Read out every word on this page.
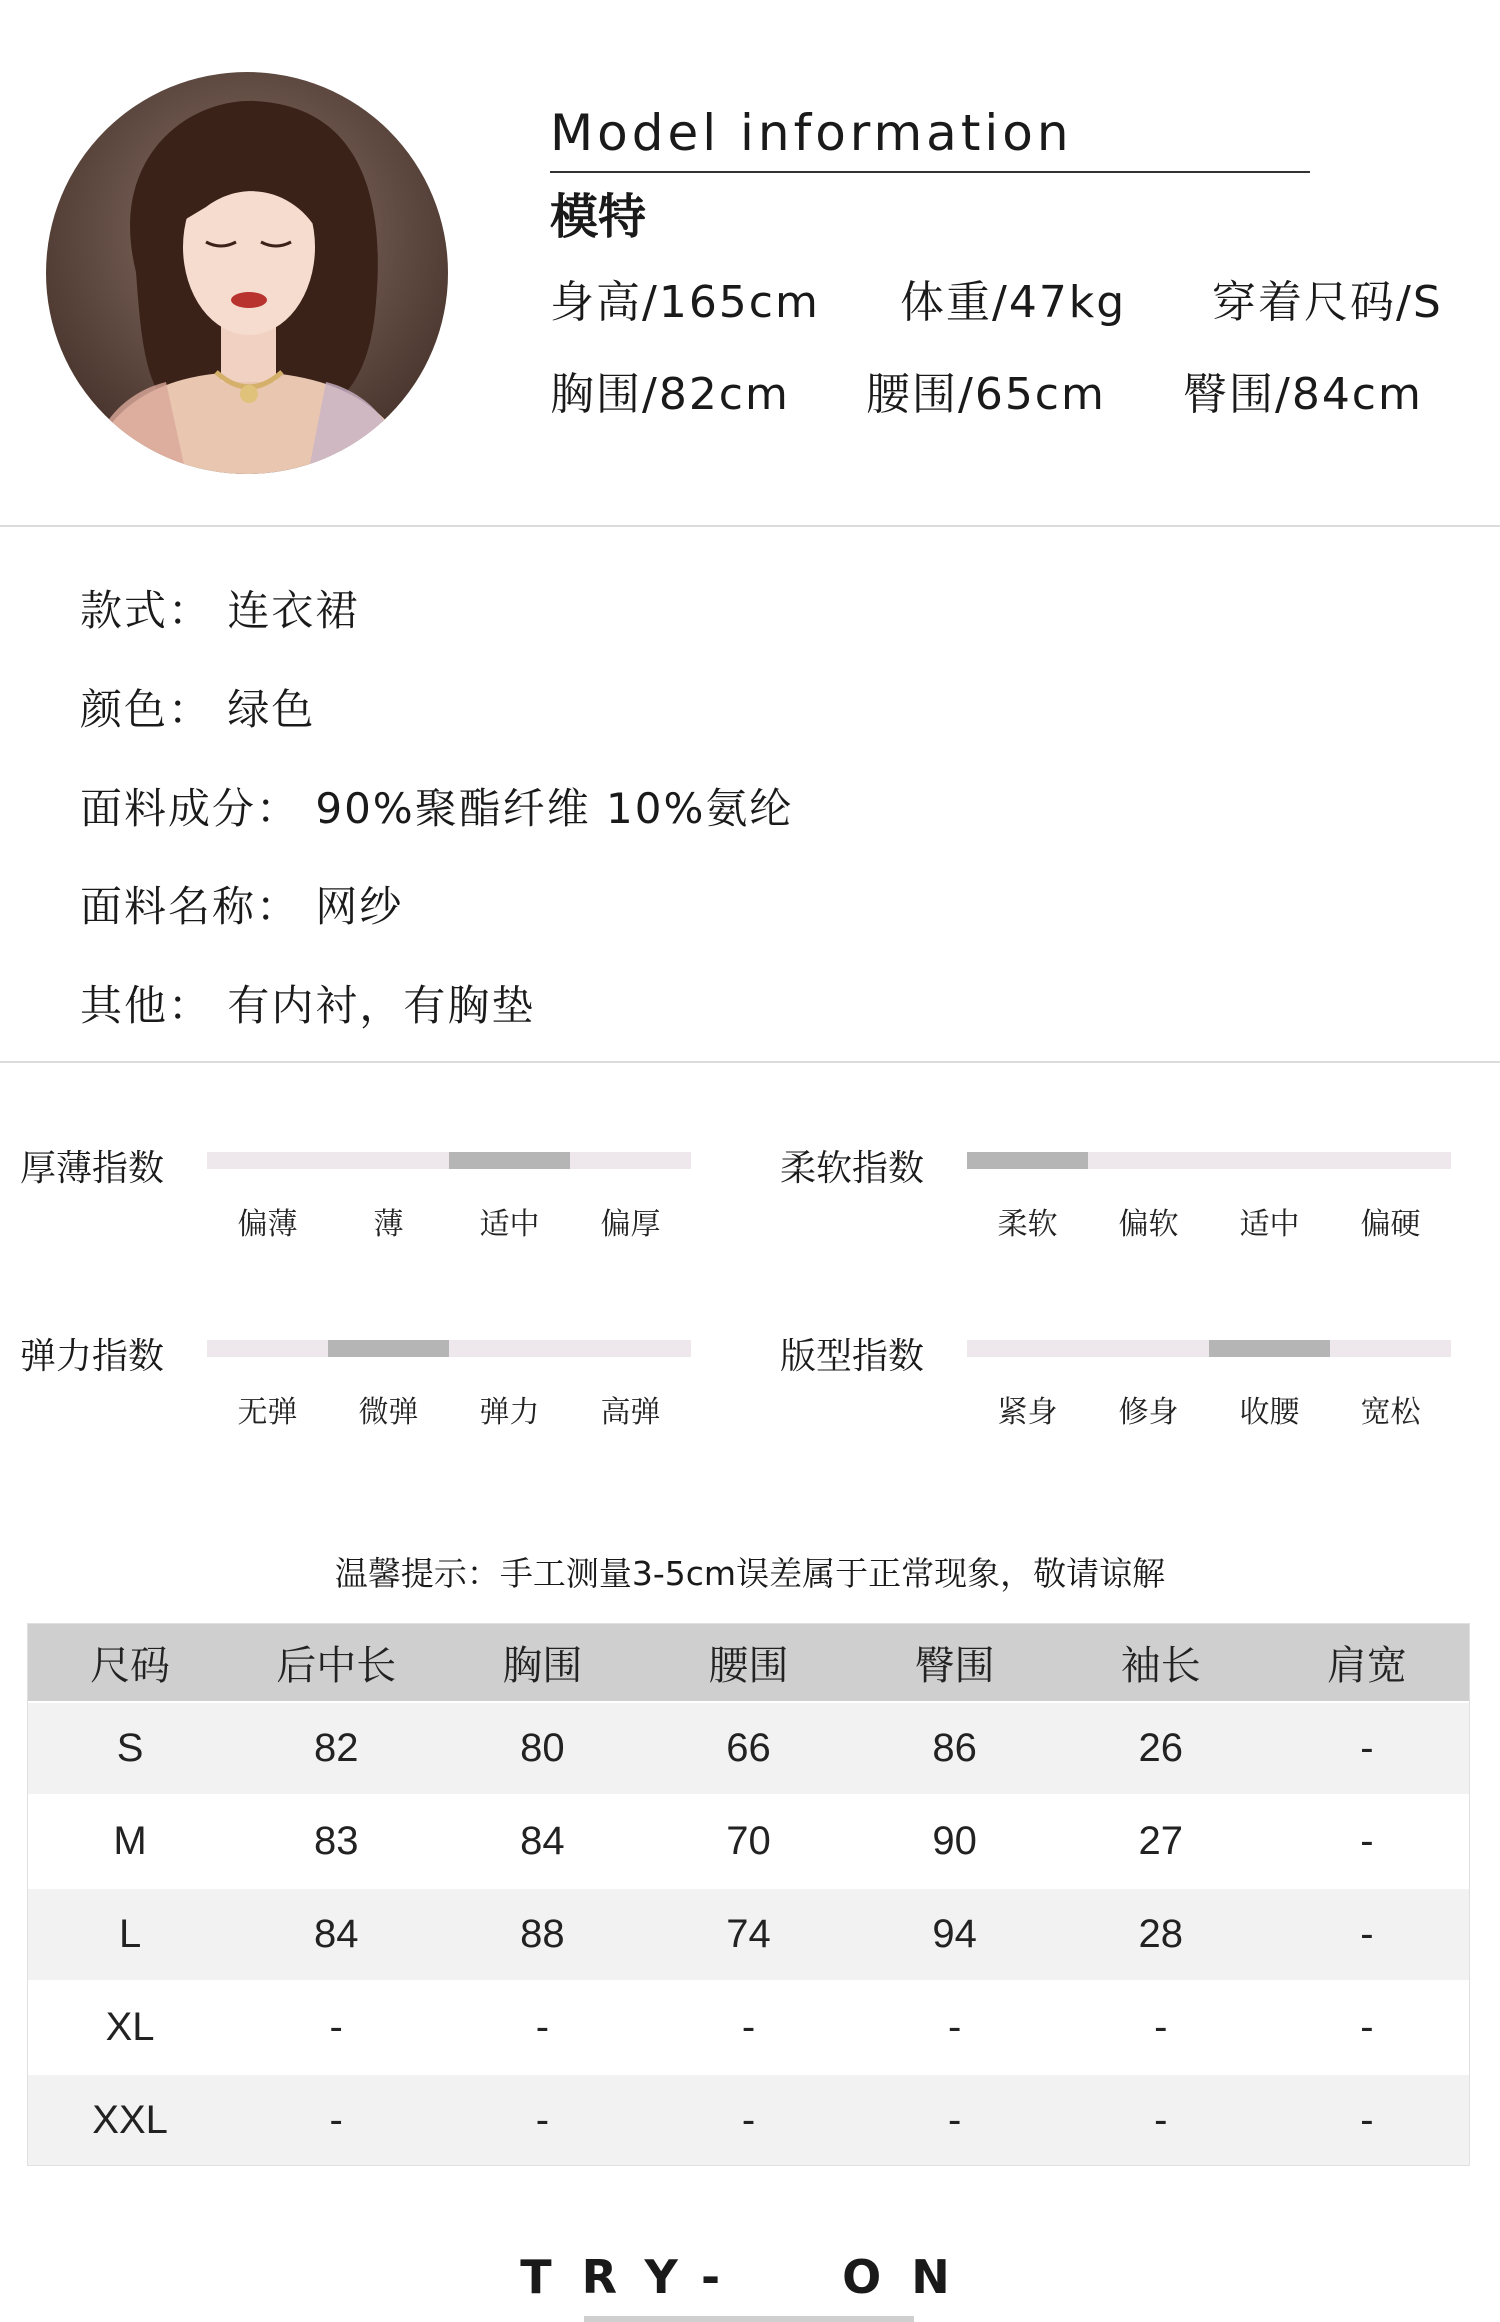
Model information
模特
身高/165cm 体重/47kg 穿着尺码/S
胸围/82cm 腰围/65cm 臀围/84cm
款式： 连衣裙
颜色： 绿色
面料成分： 90%聚酯纤维 10%氨纶
面料名称： 网纱
其他： 有内衬，有胸垫
厚薄指数
偏薄	薄	适中 偏厚
柔软指数
柔软 偏软 适中 偏硬
弹力指数
无弹 微弹 弹力 高弹
版型指数
紧身 修身 收腰 宽松
温馨提示：手工测量3-5cm误差属于正常现象，敬请谅解
尺码	后中长	胸围	腰围	臀围	袖长	肩宽
S	82	80	66	86	26	-
M	83	84	70	90	27	-
L	84	88	74	94	28	-
XL	-	-	-	-	-	-
XXL	-	-	-	-	-	-
TRY-  ON
